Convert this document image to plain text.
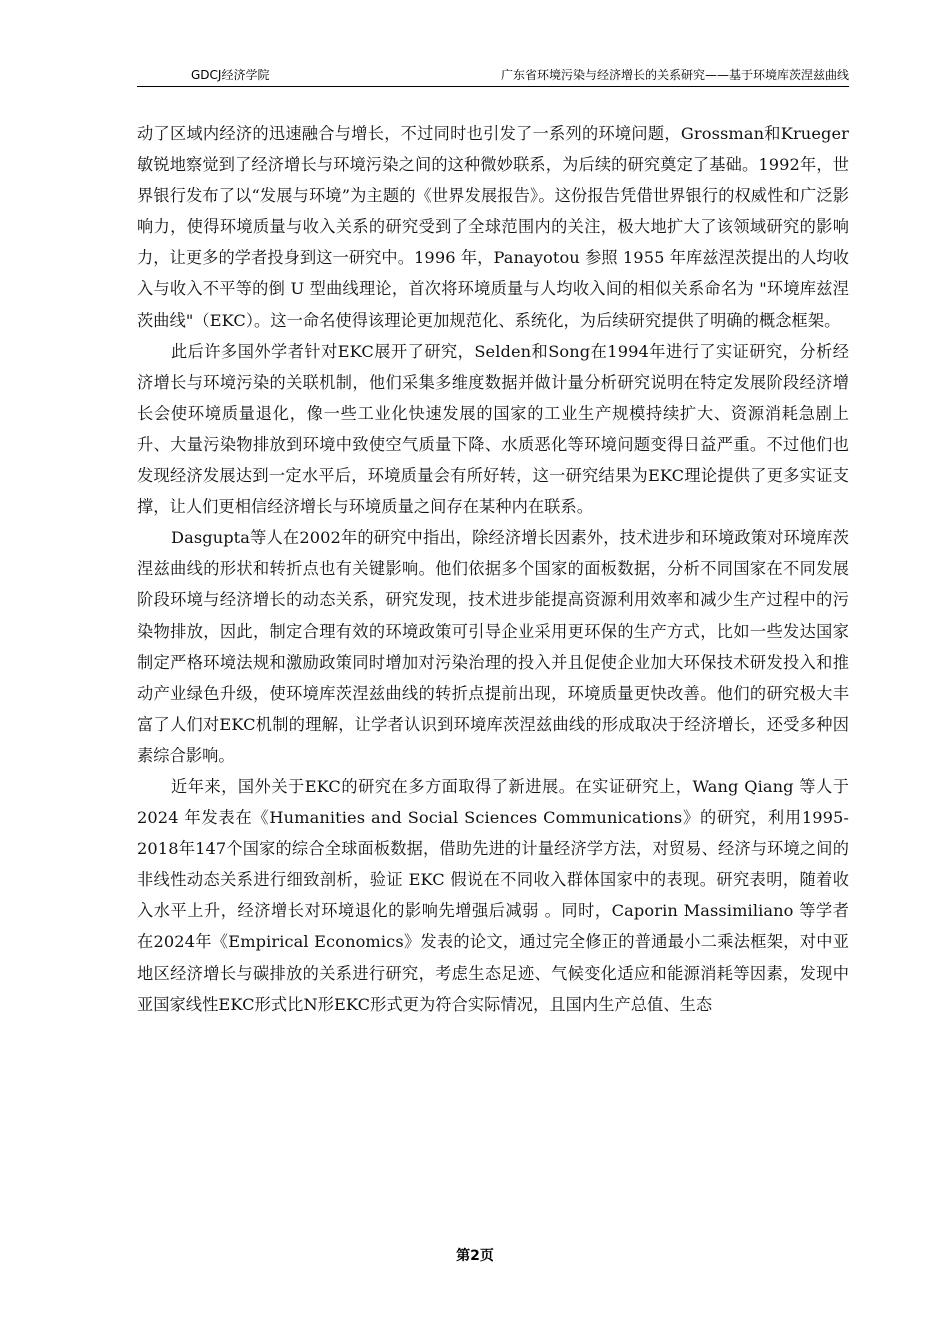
GDCJ经济学院	广东省环境污染与经济增长的关系研究——基于环境库茨涅兹曲线

动了区域内经济的迅速融合与增长，不过同时也引发了一系列的环境问题，Grossman和Krueger敏锐地察觉到了经济增长与环境污染之间的这种微妙联系，为后续的研究奠定了基础。1992年，世界银行发布了以“发展与环境”为主题的《世界发展报告》。这份报告凭借世界银行的权威性和广泛影响力，使得环境质量与收入关系的研究受到了全球范围内的关注，极大地扩大了该领域研究的影响力，让更多的学者投身到这一研究中。1996 年，Panayotou 参照 1955 年库兹涅茨提出的人均收入与收入不平等的倒 U 型曲线理论，首次将环境质量与人均收入间的相似关系命名为 "环境库兹涅茨曲线"（EKC）。这一命名使得该理论更加规范化、系统化，为后续研究提供了明确的概念框架。

此后许多国外学者针对EKC展开了研究，Selden和Song在1994年进行了实证研究，分析经济增长与环境污染的关联机制，他们采集多维度数据并做计量分析研究说明在特定发展阶段经济增长会使环境质量退化，像一些工业化快速发展的国家的工业生产规模持续扩大、资源消耗急剧上升、大量污染物排放到环境中致使空气质量下降、水质恶化等环境问题变得日益严重。不过他们也发现经济发展达到一定水平后，环境质量会有所好转，这一研究结果为EKC理论提供了更多实证支撑，让人们更相信经济增长与环境质量之间存在某种内在联系。

Dasgupta等人在2002年的研究中指出，除经济增长因素外，技术进步和环境政策对环境库茨涅兹曲线的形状和转折点也有关键影响。他们依据多个国家的面板数据，分析不同国家在不同发展阶段环境与经济增长的动态关系，研究发现，技术进步能提高资源利用效率和减少生产过程中的污染物排放，因此，制定合理有效的环境政策可引导企业采用更环保的生产方式，比如一些发达国家制定严格环境法规和激励政策同时增加对污染治理的投入并且促使企业加大环保技术研发投入和推动产业绿色升级，使环境库茨涅兹曲线的转折点提前出现，环境质量更快改善。他们的研究极大丰富了人们对EKC机制的理解，让学者认识到环境库茨涅兹曲线的形成取决于经济增长，还受多种因素综合影响。

近年来，国外关于EKC的研究在多方面取得了新进展。在实证研究上，Wang Qiang 等人于 2024 年发表在《Humanities and Social Sciences Communications》的研究，利用1995-2018年147个国家的综合全球面板数据，借助先进的计量经济学方法，对贸易、经济与环境之间的非线性动态关系进行细致剖析，验证 EKC 假说在不同收入群体国家中的表现。研究表明，随着收入水平上升，经济增长对环境退化的影响先增强后减弱 。同时，Caporin Massimiliano 等学者在2024年《Empirical Economics》发表的论文，通过完全修正的普通最小二乘法框架，对中亚地区经济增长与碳排放的关系进行研究，考虑生态足迹、气候变化适应和能源消耗等因素，发现中亚国家线性EKC形式比N形EKC形式更为符合实际情况，且国内生产总值、生态

第2页
